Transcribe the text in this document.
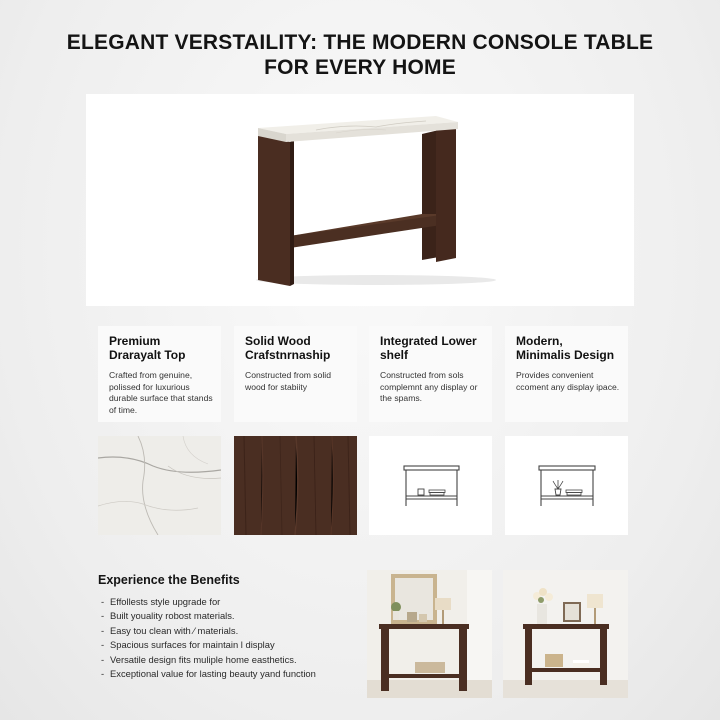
ELEGANT VERSTAILITY: THE MODERN CONSOLE TABLE
FOR EVERY HOME
Premium Drarayalt Top

Crafted from genuine, polissed for luxurious durable surface that stands of time.

Solid Wood Crafstnrnaship

Constructed from solid wood for stabiity

Integrated Lower shelf

Constructed from sols complemnt any display or the spams.

Modern, Minimalis Design

Provides convenient ccoment any display ipace.

Experience the Benefits
- Effollests style upgrade for
- Built youality robost materials.
- Easy tou clean with ⁄ materials.
- Spacious surfaces for maintain l display
- Versatile design fits muliple home easthetics.
- Exceptional value for lasting beauty yand function
